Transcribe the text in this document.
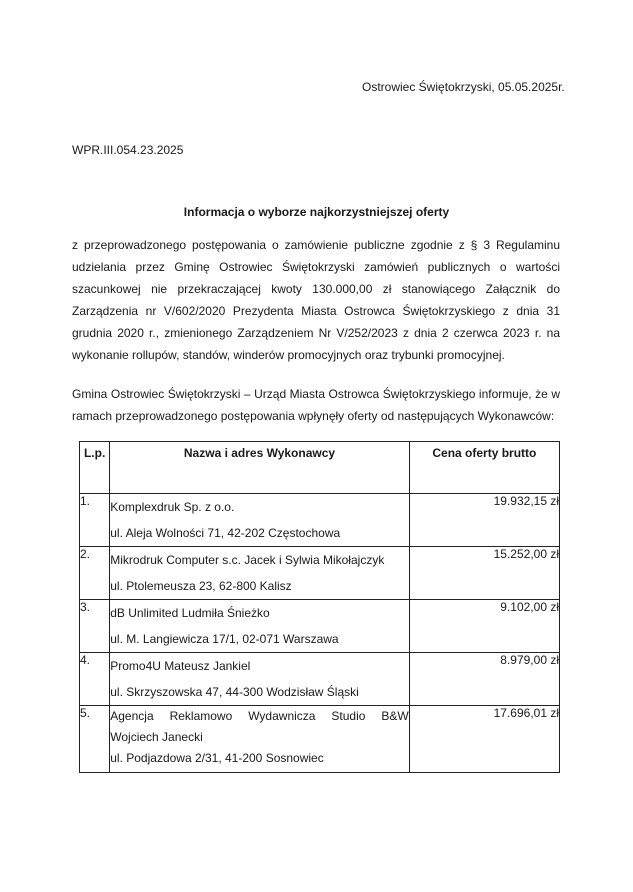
Ostrowiec Świętokrzyski, 05.05.2025r.
WPR.III.054.23.2025
Informacja o wyborze najkorzystniejszej oferty
z przeprowadzonego postępowania o zamówienie publiczne zgodnie z § 3 Regulaminu udzielania przez Gminę Ostrowiec Świętokrzyski zamówień publicznych o wartości szacunkowej nie przekraczającej kwoty 130.000,00 zł stanowiącego Załącznik do Zarządzenia nr V/602/2020 Prezydenta Miasta Ostrowca Świętokrzyskiego z dnia 31 grudnia 2020 r., zmienionego Zarządzeniem Nr V/252/2023 z dnia 2 czerwca 2023 r. na wykonanie rollupów, standów, winderów promocyjnych oraz trybunki promocyjnej.
Gmina Ostrowiec Świętokrzyski – Urząd Miasta Ostrowca Świętokrzyskiego informuje, że w ramach przeprowadzonego postępowania wpłynęły oferty od następujących Wykonawców:
L.p.	Nazwa i adres Wykonawcy	Cena oferty brutto
1.	Komplexdruk Sp. z o.o.
ul. Aleja Wolności 71, 42-202 Częstochowa	19.932,15 zł
2.	Mikrodruk Computer s.c. Jacek i Sylwia Mikołajczyk
ul. Ptolemeusza 23, 62-800 Kalisz	15.252,00 zł
3.	dB Unlimited Ludmiła Śnieżko
ul. M. Langiewicza 17/1, 02-071 Warszawa	9.102,00 zł
4.	Promo4U Mateusz Jankiel
ul. Skrzyszowska 47, 44-300 Wodzisław Śląski	8.979,00 zł
5.	Agencja Reklamowo Wydawnicza Studio B&W
Wojciech Janecki
ul. Podjazdowa 2/31, 41-200 Sosnowiec	17.696,01 zł
